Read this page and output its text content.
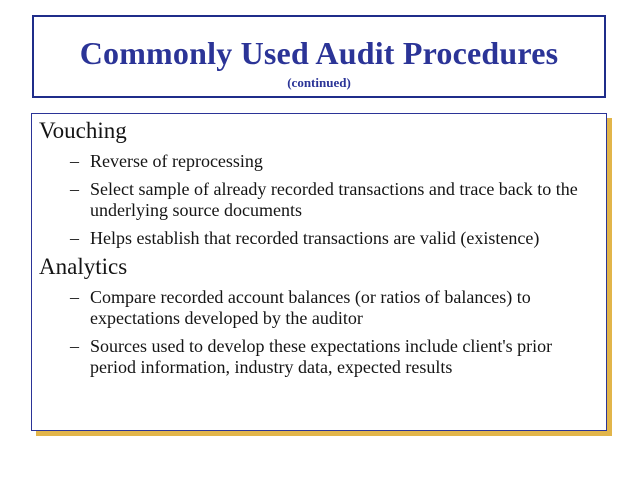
Commonly Used Audit Procedures
(continued)
Vouching
– Reverse of reprocessing
– Select sample of already recorded transactions and trace back to the underlying source documents
– Helps establish that recorded transactions are valid (existence)
Analytics
– Compare recorded account balances (or ratios of balances) to expectations developed by the auditor
– Sources used to develop these expectations include client's prior period information, industry data, expected results
